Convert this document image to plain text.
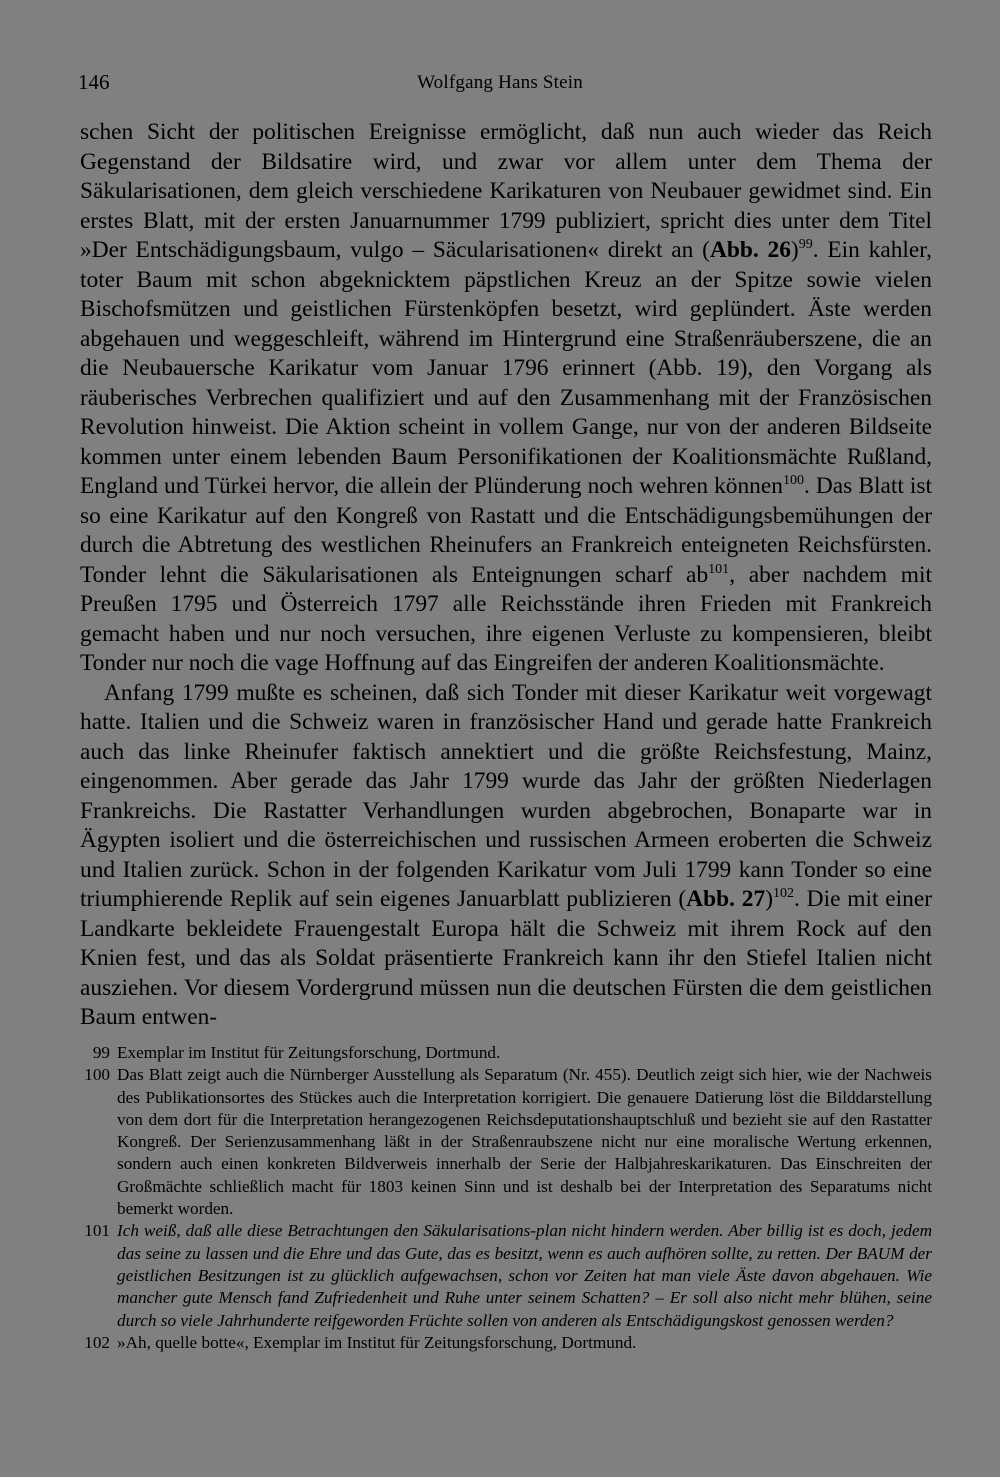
146	Wolfgang Hans Stein

schen Sicht der politischen Ereignisse ermöglicht, daß nun auch wieder das Reich Gegenstand der Bildsatire wird, und zwar vor allem unter dem Thema der Säkularisationen, dem gleich verschiedene Karikaturen von Neubauer gewidmet sind. Ein erstes Blatt, mit der ersten Januarnummer 1799 publiziert, spricht dies unter dem Titel »Der Entschädigungsbaum, vulgo – Säcularisationen« direkt an (Abb. 26)$^{99}$. Ein kahler, toter Baum mit schon abgeknicktem päpstlichen Kreuz an der Spitze sowie vielen Bischofsmützen und geistlichen Fürstenköpfen besetzt, wird geplündert. Äste werden abgehauen und weggeschleift, während im Hintergrund eine Straßenräuberszene, die an die Neubauersche Karikatur vom Januar 1796 erinnert (Abb. 19), den Vorgang als räuberisches Verbrechen qualifiziert und auf den Zusammenhang mit der Französischen Revolution hinweist. Die Aktion scheint in vollem Gange, nur von der anderen Bildseite kommen unter einem lebenden Baum Personifikationen der Koalitionsmächte Rußland, England und Türkei hervor, die allein der Plünderung noch wehren können$^{100}$. Das Blatt ist so eine Karikatur auf den Kongreß von Rastatt und die Entschädigungsbemühungen der durch die Abtretung des westlichen Rheinufers an Frankreich enteigneten Reichsfürsten. Tonder lehnt die Säkularisationen als Enteignungen scharf $ab^{101}$, aber nachdem mit Preußen 1795 und Österreich 1797 alle Reichsstände ihren Frieden mit Frankreich gemacht haben und nur noch versuchen, ihre eigenen Verluste zu kompensieren, bleibt Tonder nur noch die vage Hoffnung auf das Eingreifen der anderen Koalitionsmächte.

Anfang 1799 mußte es scheinen, daß sich Tonder mit dieser Karikatur weit vorgewagt hatte. Italien und die Schweiz waren in französischer Hand und gerade hatte Frankreich auch das linke Rheinufer faktisch annektiert und die größte Reichsfestung, Mainz, eingenommen. Aber gerade das Jahr 1799 wurde das Jahr der größten Niederlagen Frankreichs. Die Rastatter Verhandlungen wurden abgebrochen, Bonaparte war in Ägypten isoliert und die österreichischen und russischen Armeen eroberten die Schweiz und Italien zurück. Schon in der folgenden Karikatur vom Juli 1799 kann Tonder so eine triumphierende Replik auf sein eigenes Januarblatt publizieren (Abb. 27)$^{102}$. Die mit einer Landkarte bekleidete Frauengestalt Europa hält die Schweiz mit ihrem Rock auf den Knien fest, und das als Soldat präsentierte Frankreich kann ihr den Stiefel Italien nicht ausziehen. Vor diesem Vordergrund müssen nun die deutschen Fürsten die dem geistlichen Baum entwen-

99 Exemplar im Institut für Zeitungsforschung, Dortmund.
100 Das Blatt zeigt auch die Nürnberger Ausstellung als Separatum (Nr. 455). Deutlich zeigt sich hier, wie der Nachweis des Publikationsortes des Stückes auch die Interpretation korrigiert. Die genauere Datierung löst die Bilddarstellung von dem dort für die Interpretation herangezogenen Reichsdeputationshauptschluß und bezieht sie auf den Rastatter Kongreß. Der Serienzusammenhang läßt in der Straßenraubszene nicht nur eine moralische Wertung erkennen, sondern auch einen konkreten Bildverweis innerhalb der Serie der Halbjahreskarikaturen. Das Einschreiten der Großmächte schließlich macht für 1803 keinen Sinn und ist deshalb bei der Interpretation des Separatums nicht bemerkt worden.
101 Ich weiß, daß alle diese Betrachtungen den Säkularisations-plan nicht hindern werden. Aber billig ist es doch, jedem das seine zu lassen und die Ehre und das Gute, das es besitzt, wenn es auch aufhören sollte, zu retten. Der BAUM der geistlichen Besitzungen ist zu glücklich aufgewachsen, schon vor Zeiten hat man viele Äste davon abgehauen. Wie mancher gute Mensch fand Zufriedenheit und Ruhe unter seinem Schatten? – Er soll also nicht mehr blühen, seine durch so viele Jahrhunderte reifgeworden Früchte sollen von anderen als Entschädigungskost genossen werden?
102 »Ah, quelle botte«, Exemplar im Institut für Zeitungsforschung, Dortmund.
